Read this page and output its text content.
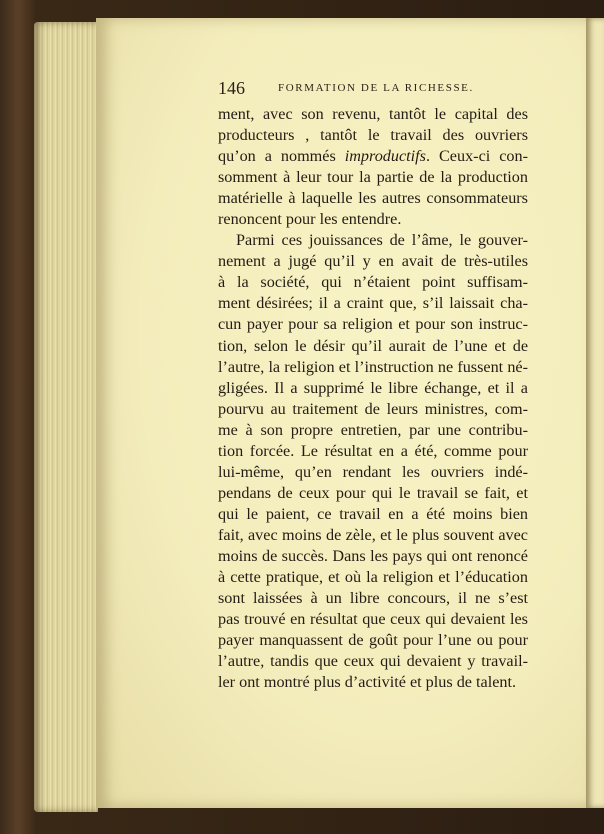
146	FORMATION DE LA RICHESSE.
ment, avec son revenu, tantôt le capital des
producteurs , tantôt le travail des ouvriers
qu’on a nommés improductifs. Ceux-ci con-
somment à leur tour la partie de la production
matérielle à laquelle les autres consommateurs
renoncent pour les entendre.
Parmi ces jouissances de l’âme, le gouver-
nement a jugé qu’il y en avait de très-utiles
à la société, qui n’étaient point suffisam-
ment désirées; il a craint que, s’il laissait cha-
cun payer pour sa religion et pour son instruc-
tion, selon le désir qu’il aurait de l’une et de
l’autre, la religion et l’instruction ne fussent né-
gligées. Il a supprimé le libre échange, et il a
pourvu au traitement de leurs ministres, com-
me à son propre entretien, par une contribu-
tion forcée. Le résultat en a été, comme pour
lui-même, qu’en rendant les ouvriers indé-
pendans de ceux pour qui le travail se fait, et
qui le paient, ce travail en a été moins bien
fait, avec moins de zèle, et le plus souvent avec
moins de succès. Dans les pays qui ont renoncé
à cette pratique, et où la religion et l’éducation
sont laissées à un libre concours, il ne s’est
pas trouvé en résultat que ceux qui devaient les
payer manquassent de goût pour l’une ou pour
l’autre, tandis que ceux qui devaient y travail-
ler ont montré plus d’activité et plus de talent.
